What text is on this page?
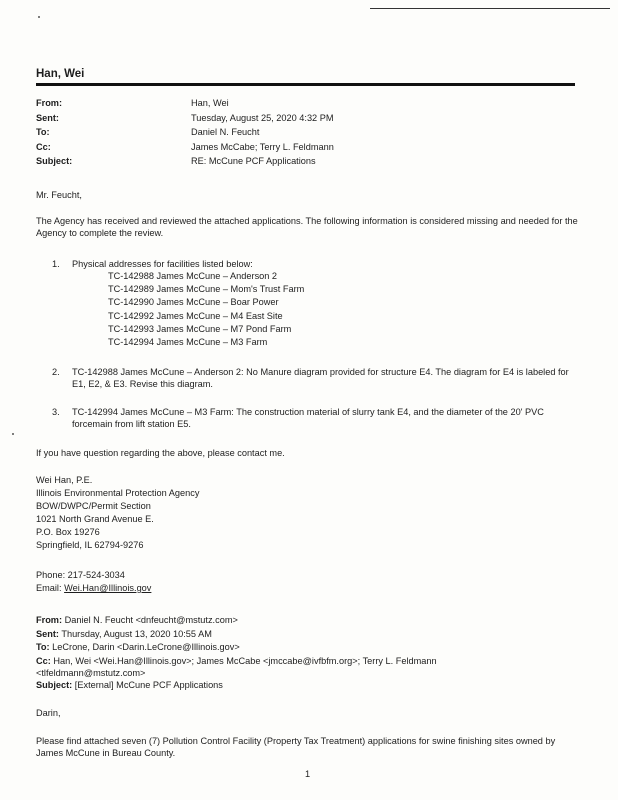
Han, Wei
From:	Han, Wei
Sent:	Tuesday, August 25, 2020 4:32 PM
To:	Daniel N. Feucht
Cc:	James McCabe; Terry L. Feldmann
Subject:	RE: McCune PCF Applications
Mr. Feucht,
The Agency has received and reviewed the attached applications. The following information is considered missing and needed for the Agency to complete the review.
1. Physical addresses for facilities listed below:
TC-142988 James McCune – Anderson 2
TC-142989 James McCune – Mom's Trust Farm
TC-142990 James McCune – Boar Power
TC-142992 James McCune – M4 East Site
TC-142993 James McCune – M7 Pond Farm
TC-142994 James McCune – M3 Farm
2. TC-142988 James McCune – Anderson 2: No Manure diagram provided for structure E4. The diagram for E4 is labeled for E1, E2, & E3. Revise this diagram.
3. TC-142994 James McCune – M3 Farm: The construction material of slurry tank E4, and the diameter of the 20' PVC forcemain from lift station E5.
If you have question regarding the above, please contact me.
Wei Han, P.E.
Illinois Environmental Protection Agency
BOW/DWPC/Permit Section
1021 North Grand Avenue E.
P.O. Box 19276
Springfield, IL 62794-9276
Phone: 217-524-3034
Email: Wei.Han@Illinois.gov
From: Daniel N. Feucht <dnfeucht@mstutz.com>
Sent: Thursday, August 13, 2020 10:55 AM
To: LeCrone, Darin <Darin.LeCrone@Illinois.gov>
Cc: Han, Wei <Wei.Han@Illinois.gov>; James McCabe <jmccabe@ivfbfm.org>; Terry L. Feldmann <tlfeldmann@mstutz.com>
Subject: [External] McCune PCF Applications
Darin,
Please find attached seven (7) Pollution Control Facility (Property Tax Treatment) applications for swine finishing sites owned by James McCune in Bureau County.
1
